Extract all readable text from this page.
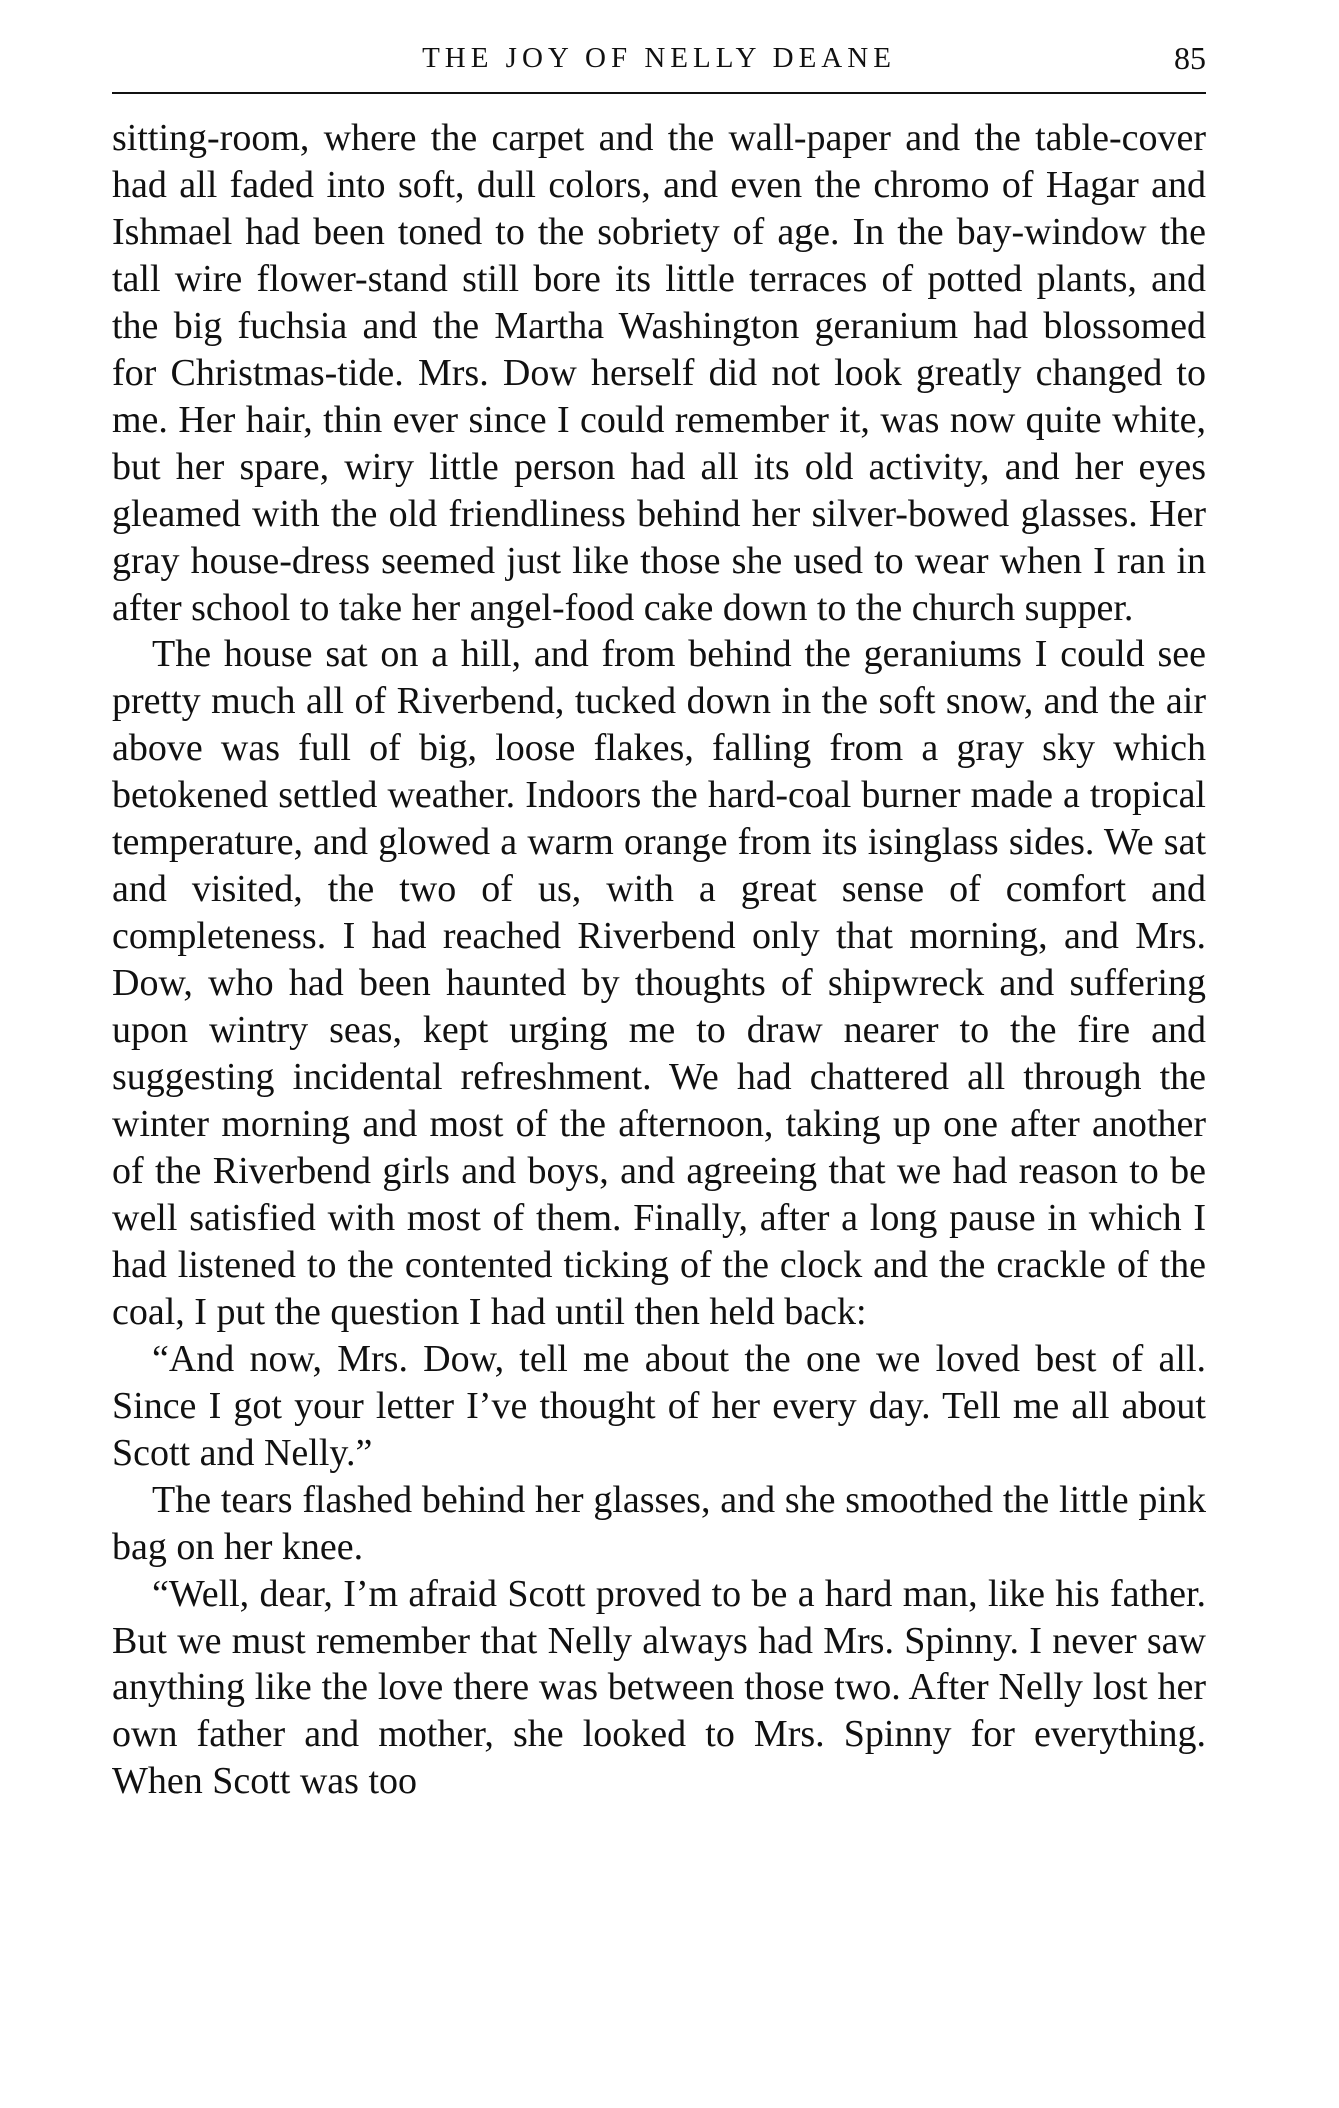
THE JOY OF NELLY DEANE	85

sitting-room, where the carpet and the wall-paper and the table-cover had all faded into soft, dull colors, and even the chromo of Hagar and Ishmael had been toned to the sobriety of age. In the bay-window the tall wire flower-stand still bore its little terraces of potted plants, and the big fuchsia and the Martha Washington geranium had blossomed for Christmas-tide. Mrs. Dow herself did not look greatly changed to me. Her hair, thin ever since I could remember it, was now quite white, but her spare, wiry little person had all its old activity, and her eyes gleamed with the old friendliness behind her silver-bowed glasses. Her gray house-dress seemed just like those she used to wear when I ran in after school to take her angel-food cake down to the church supper.

The house sat on a hill, and from behind the geraniums I could see pretty much all of Riverbend, tucked down in the soft snow, and the air above was full of big, loose flakes, falling from a gray sky which betokened settled weather. Indoors the hard-coal burner made a tropical temperature, and glowed a warm orange from its isinglass sides. We sat and visited, the two of us, with a great sense of comfort and completeness. I had reached Riverbend only that morning, and Mrs. Dow, who had been haunted by thoughts of shipwreck and suffering upon wintry seas, kept urging me to draw nearer to the fire and suggesting incidental refreshment. We had chattered all through the winter morning and most of the afternoon, taking up one after another of the Riverbend girls and boys, and agreeing that we had reason to be well satisfied with most of them. Finally, after a long pause in which I had listened to the contented ticking of the clock and the crackle of the coal, I put the question I had until then held back:

“And now, Mrs. Dow, tell me about the one we loved best of all. Since I got your letter I’ve thought of her every day. Tell me all about Scott and Nelly.”

The tears flashed behind her glasses, and she smoothed the little pink bag on her knee.

“Well, dear, I’m afraid Scott proved to be a hard man, like his father. But we must remember that Nelly always had Mrs. Spinny. I never saw anything like the love there was between those two. After Nelly lost her own father and mother, she looked to Mrs. Spinny for everything. When Scott was too
